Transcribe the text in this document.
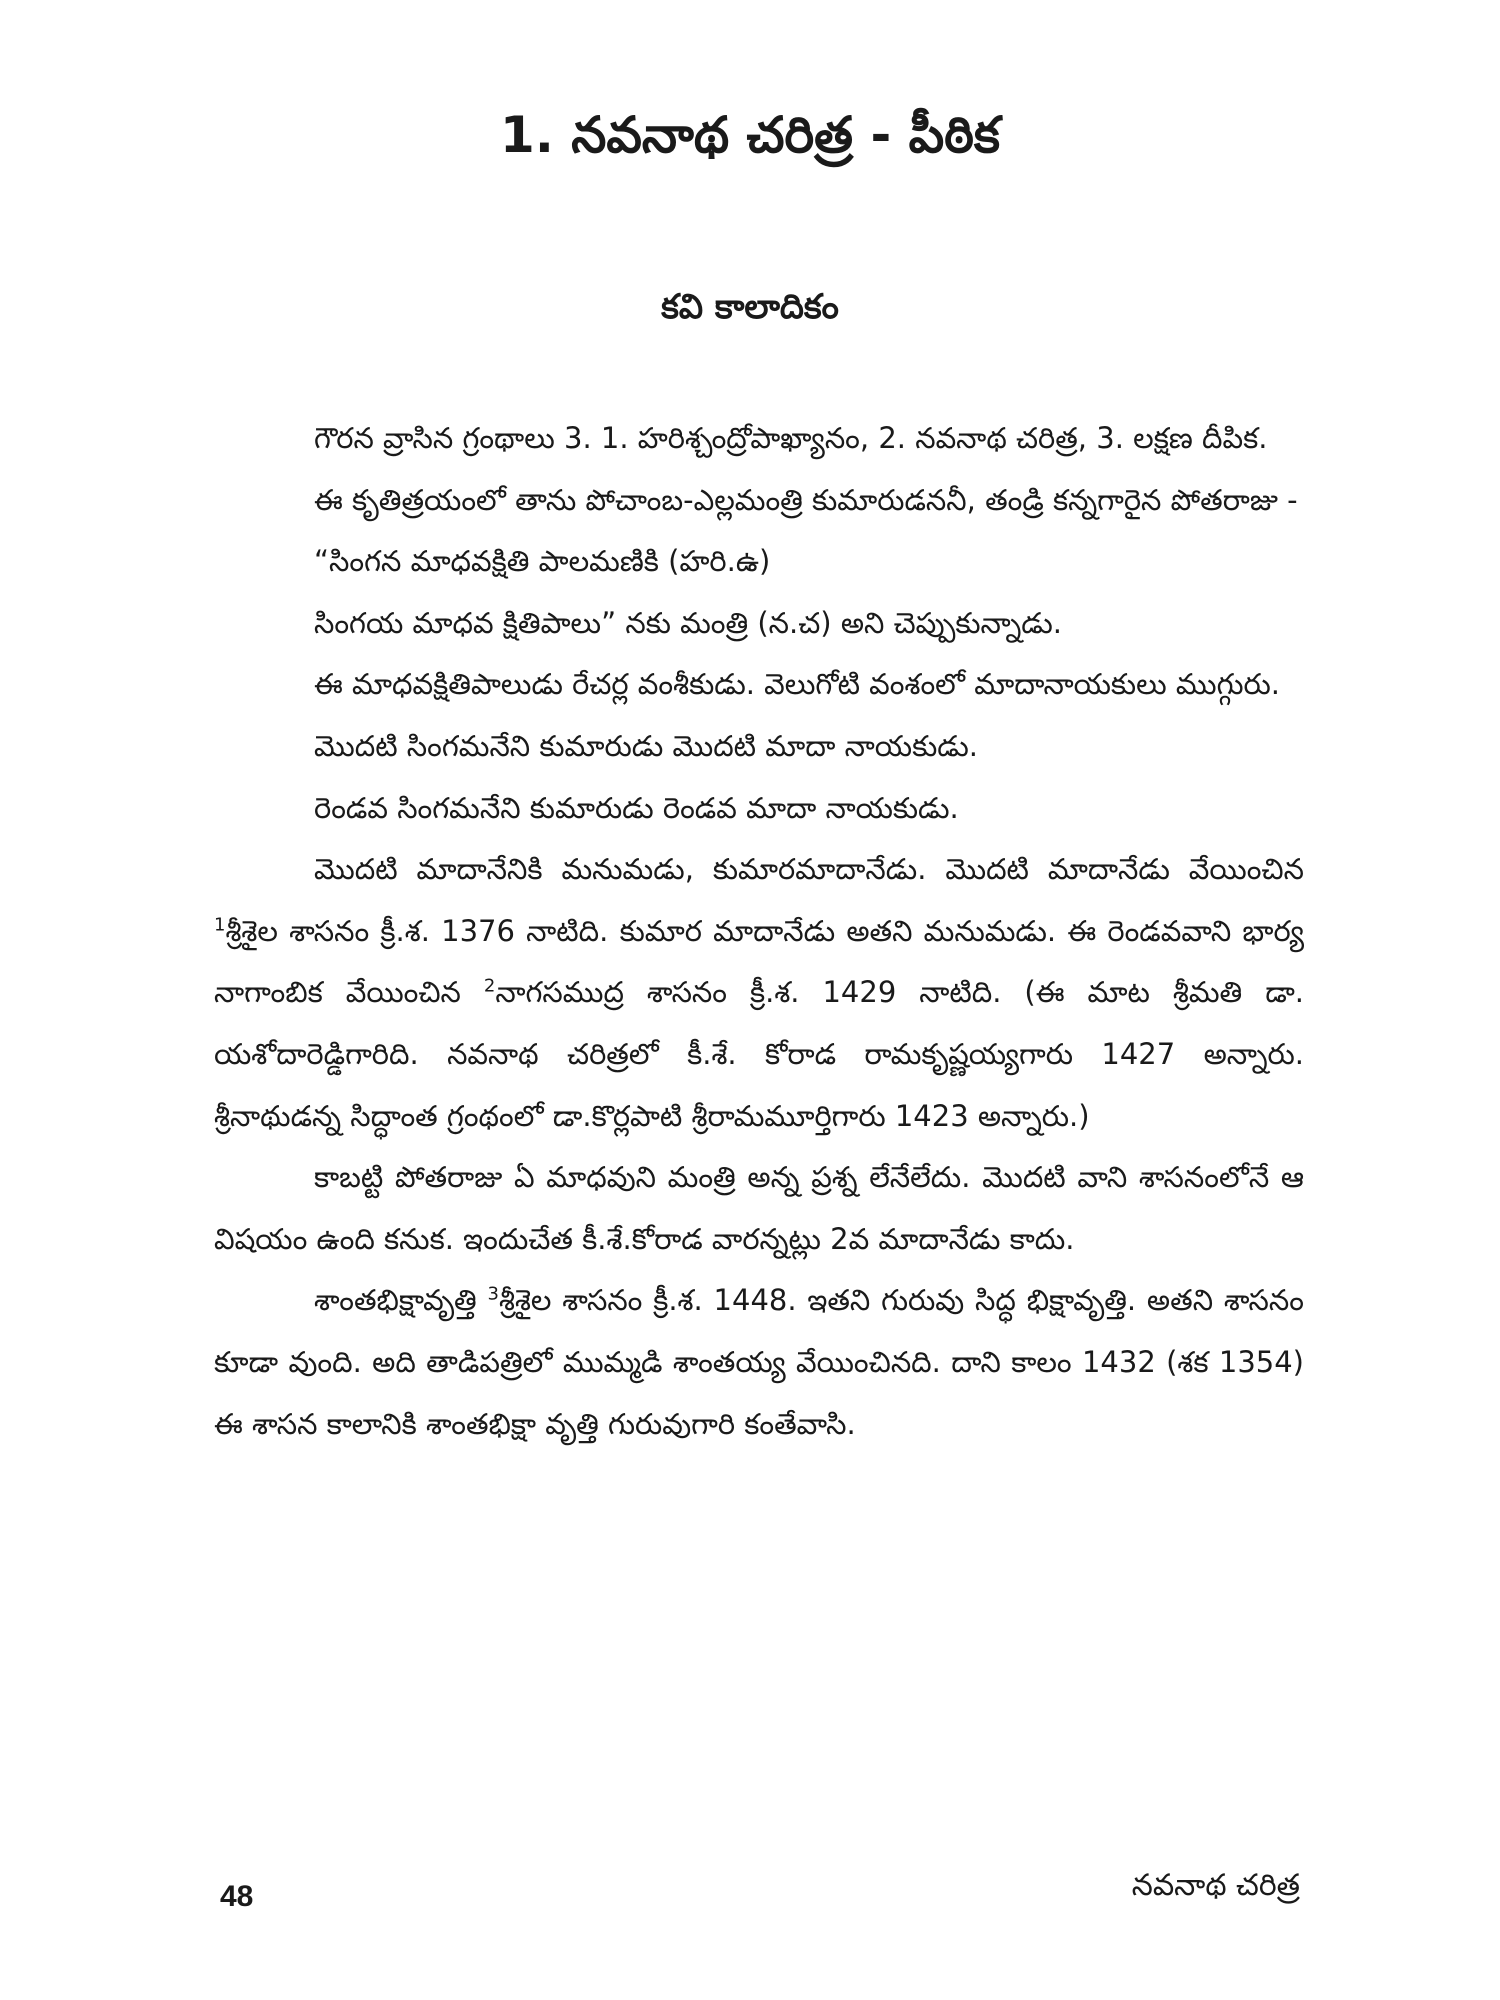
1. నవనాథ చరిత్ర - పీఠిక
కవి కాలాదికం

గౌరన వ్రాసిన గ్రంథాలు 3. 1. హరిశ్చంద్రోపాఖ్యానం, 2. నవనాథ చరిత్ర, 3. లక్షణ దీపిక.

ఈ కృతిత్రయంలో తాను పోచాంబ-ఎల్లమంత్రి కుమారుడననీ, తండ్రి కన్నగారైన పోతరాజు -

“సింగన మాధవక్షితి పాలమణికి (హరి.ఉ)

సింగయ మాధవ క్షితిపాలు” నకు మంత్రి (న.చ) అని చెప్పుకున్నాడు.

ఈ మాధవక్షితిపాలుడు రేచర్ల వంశీకుడు. వెలుగోటి వంశంలో మాదానాయకులు ముగ్గురు.

మొదటి సింగమనేని కుమారుడు మొదటి మాదా నాయకుడు.

రెండవ సింగమనేని కుమారుడు రెండవ మాదా నాయకుడు.

మొదటి మాదానేనికి మనుమడు, కుమారమాదానేడు. మొదటి మాదానేడు వేయించిన $^1$శ్రీశైల శాసనం క్రీ.శ. 1376 నాటిది. కుమార మాదానేడు అతని మనుమడు. ఈ రెండవవాని భార్య నాగాంబిక వేయించిన $^2$నాగసముద్ర శాసనం క్రీ.శ. 1429 నాటిది. (ఈ మాట శ్రీమతి డా. యశోదారెడ్డిగారిది. నవనాథ చరిత్రలో కీ.శే. కోరాడ రామకృష్ణయ్యగారు 1427 అన్నారు. శ్రీనాథుడన్న సిద్ధాంత గ్రంథంలో డా.కొర్లపాటి శ్రీరామమూర్తిగారు 1423 అన్నారు.)

కాబట్టి పోతరాజు ఏ మాధవుని మంత్రి అన్న ప్రశ్న లేనేలేదు. మొదటి వాని శాసనంలోనే ఆ విషయం ఉంది కనుక. ఇందుచేత కీ.శే.కోరాడ వారన్నట్లు 2వ మాదానేడు కాదు.

శాంతభిక్షావృత్తి $^3$శ్రీశైల శాసనం క్రీ.శ. 1448. ఇతని గురువు సిద్ధ భిక్షావృత్తి. అతని శాసనం కూడా వుంది. అది తాడిపత్రిలో ముమ్మడి శాంతయ్య వేయించినది. దాని కాలం 1432 (శక 1354) ఈ శాసన కాలానికి శాంతభిక్షా వృత్తి గురువుగారి కంతేవాసి.

48	నవనాథ చరిత్ర
